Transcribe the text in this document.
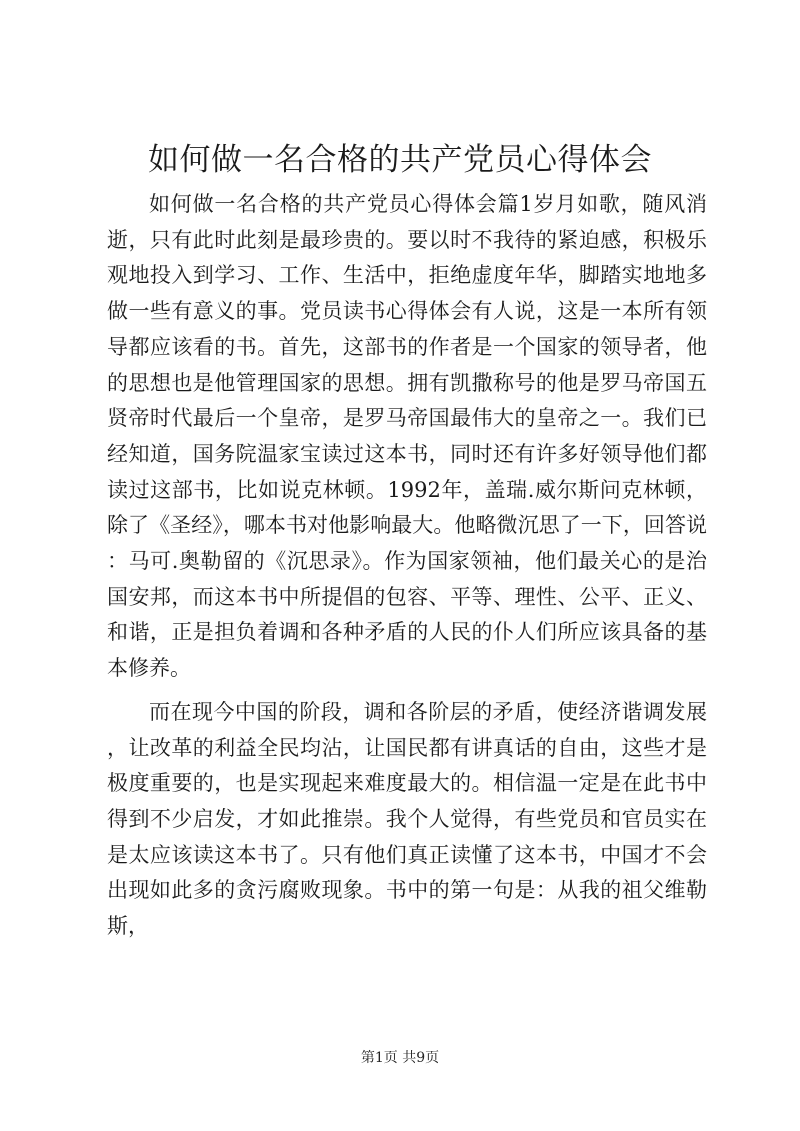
如何做一名合格的共产党员心得体会

如何做一名合格的共产党员心得体会篇1岁月如歌，随风消逝，只有此时此刻是最珍贵的。要以时不我待的紧迫感，积极乐观地投入到学习、工作、生活中，拒绝虚度年华，脚踏实地地多做一些有意义的事。党员读书心得体会有人说，这是一本所有领导都应该看的书。首先，这部书的作者是一个国家的领导者，他的思想也是他管理国家的思想。拥有凯撒称号的他是罗马帝国五贤帝时代最后一个皇帝，是罗马帝国最伟大的皇帝之一。我们已经知道，国务院温家宝读过这本书，同时还有许多好领导他们都读过这部书，比如说克林顿。1992年，盖瑞.威尔斯问克林顿，除了《圣经》，哪本书对他影响最大。他略微沉思了一下，回答说：马可.奥勒留的《沉思录》。作为国家领袖，他们最关心的是治国安邦，而这本书中所提倡的包容、平等、理性、公平、正义、和谐，正是担负着调和各种矛盾的人民的仆人们所应该具备的基本修养。

而在现今中国的阶段，调和各阶层的矛盾，使经济谐调发展，让改革的利益全民均沾，让国民都有讲真话的自由，这些才是极度重要的，也是实现起来难度最大的。相信温一定是在此书中得到不少启发，才如此推崇。我个人觉得，有些党员和官员实在是太应该读这本书了。只有他们真正读懂了这本书，中国才不会出现如此多的贪污腐败现象。书中的第一句是：从我的祖父维勒斯，

第1页 共9页
